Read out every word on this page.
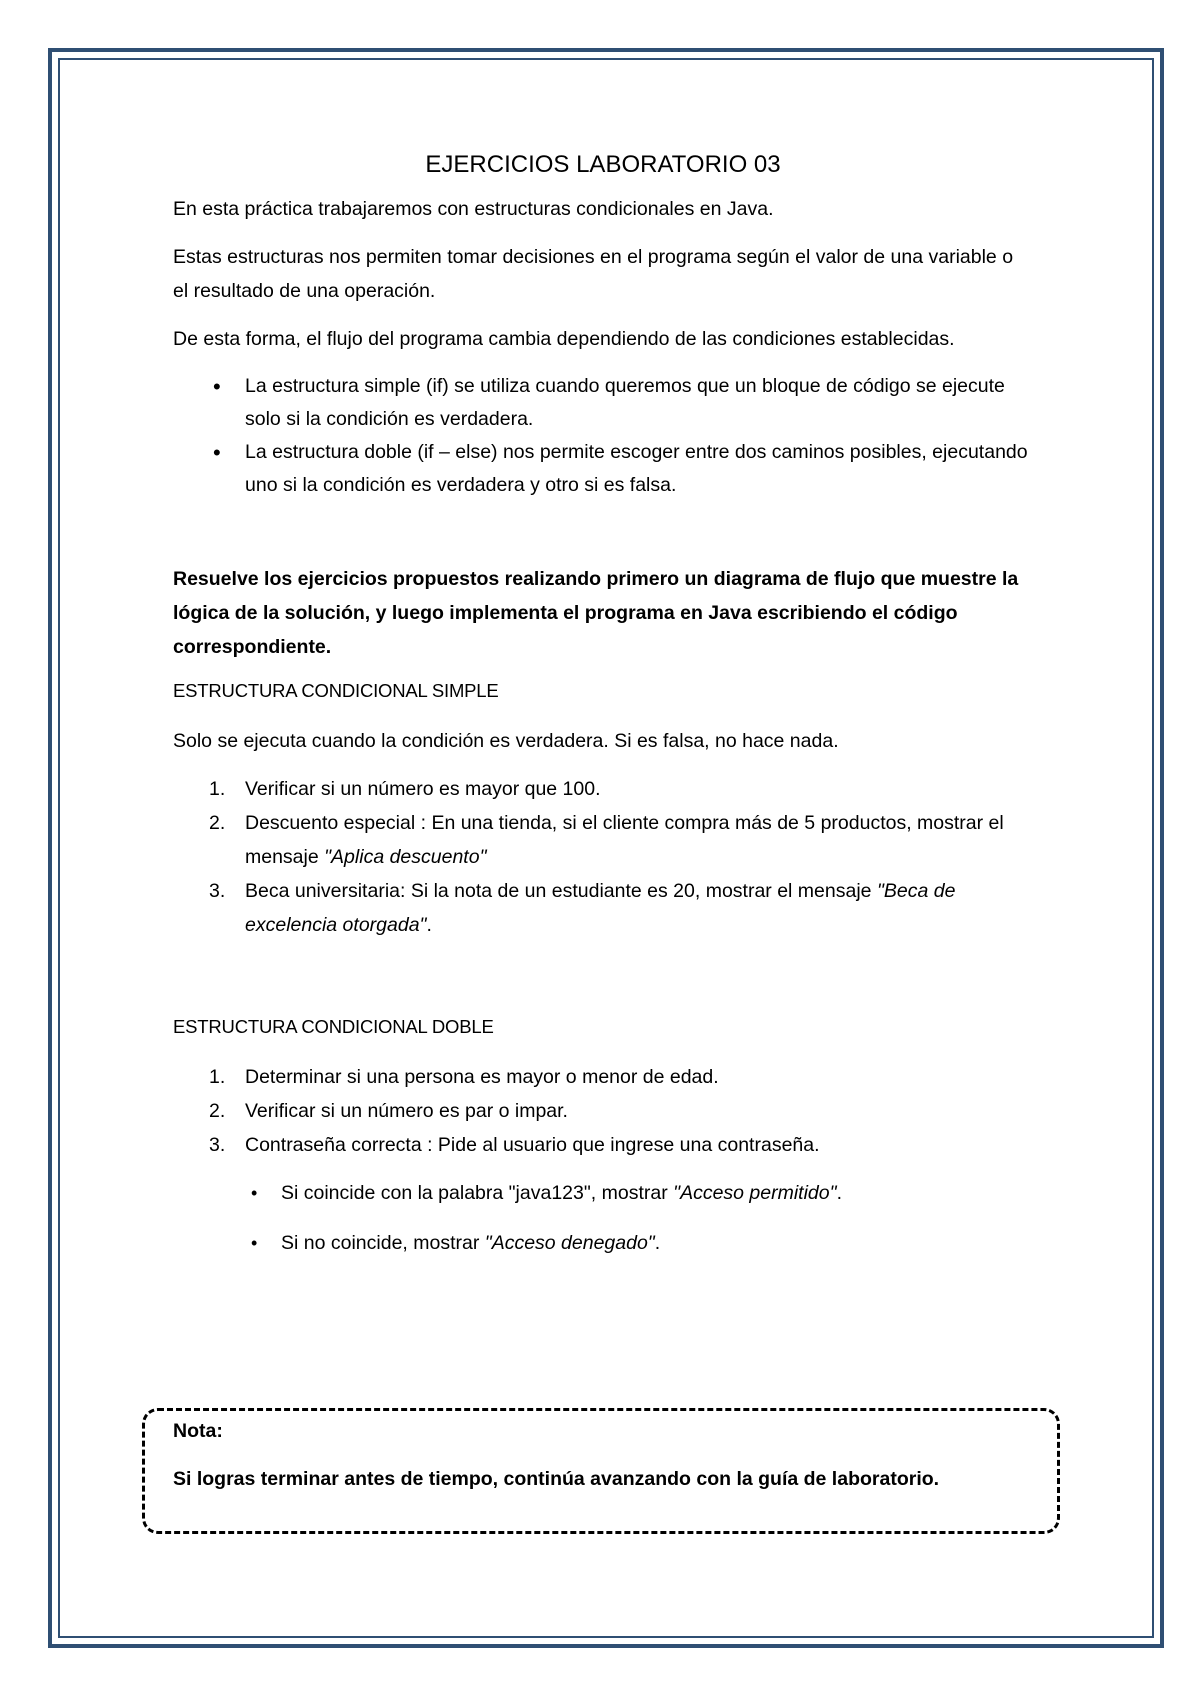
EJERCICIOS LABORATORIO 03

En esta práctica trabajaremos con estructuras condicionales en Java.

Estas estructuras nos permiten tomar decisiones en el programa según el valor de una variable o el resultado de una operación.

De esta forma, el flujo del programa cambia dependiendo de las condiciones establecidas.

• La estructura simple (if) se utiliza cuando queremos que un bloque de código se ejecute solo si la condición es verdadera.
• La estructura doble (if – else) nos permite escoger entre dos caminos posibles, ejecutando uno si la condición es verdadera y otro si es falsa.

Resuelve los ejercicios propuestos realizando primero un diagrama de flujo que muestre la lógica de la solución, y luego implementa el programa en Java escribiendo el código correspondiente.

ESTRUCTURA CONDICIONAL SIMPLE

Solo se ejecuta cuando la condición es verdadera. Si es falsa, no hace nada.

1. Verificar si un número es mayor que 100.
2. Descuento especial : En una tienda, si el cliente compra más de 5 productos, mostrar el mensaje "Aplica descuento"
3. Beca universitaria: Si la nota de un estudiante es 20, mostrar el mensaje "Beca de excelencia otorgada".

ESTRUCTURA CONDICIONAL DOBLE

1. Determinar si una persona es mayor o menor de edad.
2. Verificar si un número es par o impar.
3. Contraseña correcta : Pide al usuario que ingrese una contraseña.
• Si coincide con la palabra "java123", mostrar "Acceso permitido".
• Si no coincide, mostrar "Acceso denegado".
Nota:
Si logras terminar antes de tiempo, continúa avanzando con la guía de laboratorio.
